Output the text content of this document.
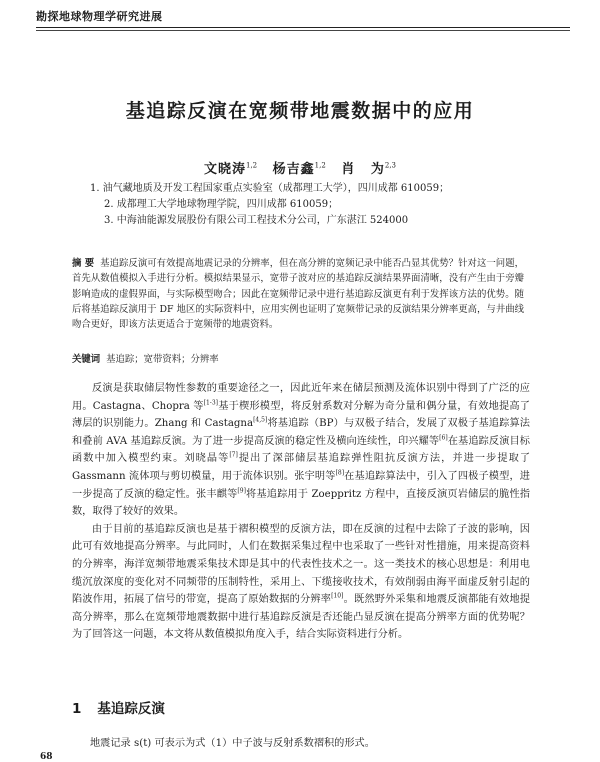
勘探地球物理学研究进展
基追踪反演在宽频带地震数据中的应用
文晓涛$^{1,2}$ 杨吉鑫$^{1,2}$ 肖 为$^{2,3}$
1. 油气藏地质及开发工程国家重点实验室（成都理工大学），四川成都 610059；
2. 成都理工大学地球物理学院，四川成都 610059；
3. 中海油能源发展股份有限公司工程技术分公司，广东湛江 524000
摘 要 基追踪反演可有效提高地震记录的分辨率，但在高分辨的宽频记录中能否凸显其优势？针对这一问题，首先从数值模拟入手进行分析。模拟结果显示，宽带子波对应的基追踪反演结果界面清晰，没有产生由于旁瓣影响造成的虚假界面，与实际模型吻合；因此在宽频带记录中进行基追踪反演更有利于发挥该方法的优势。随后将基追踪反演用于 DF 地区的实际资料中，应用实例也证明了宽频带记录的反演结果分辨率更高，与井曲线吻合更好，即该方法更适合于宽频带的地震资料。
关键词 基追踪；宽带资料；分辨率

反演是获取储层物性参数的重要途径之一，因此近年来在储层预测及流体识别中得到了广泛的应用。Castagna、Chopra 等[1-3]基于楔形模型，将反射系数对分解为奇分量和偶分量，有效地提高了薄层的识别能力。Zhang 和 Castagna[4,5]将基追踪（BP）与双极子结合，发展了双极子基追踪算法和叠前 AVA 基追踪反演。为了进一步提高反演的稳定性及横向连续性，印兴耀等[6]在基追踪反演目标函数中加入模型约束。刘晓晶等[7]提出了深部储层基追踪弹性阻抗反演方法，并进一步提取了 Gassmann 流体项与剪切模量，用于流体识别。张宇明等[8]在基追踪算法中，引入了四极子模型，进一步提高了反演的稳定性。张丰麒等[9]将基追踪用于 Zoeppritz 方程中，直接反演页岩储层的脆性指数，取得了较好的效果。

由于目前的基追踪反演也是基于褶积模型的反演方法，即在反演的过程中去除了子波的影响，因此可有效地提高分辨率。与此同时，人们在数据采集过程中也采取了一些针对性措施，用来提高资料的分辨率，海洋宽频带地震采集技术即是其中的代表性技术之一。这一类技术的核心思想是：利用电缆沉放深度的变化对不同频带的压制特性，采用上、下缆接收技术，有效削弱由海平面虚反射引起的陷波作用，拓展了信号的带宽，提高了原始数据的分辨率[10]。既然野外采集和地震反演都能有效地提高分辨率，那么在宽频带地震数据中进行基追踪反演是否还能凸显反演在提高分辨率方面的优势呢？为了回答这一问题，本文将从数值模拟角度入手，结合实际资料进行分析。

1 基追踪反演
地震记录 s(t) 可表示为式（1）中子波与反射系数褶积的形式。
68
